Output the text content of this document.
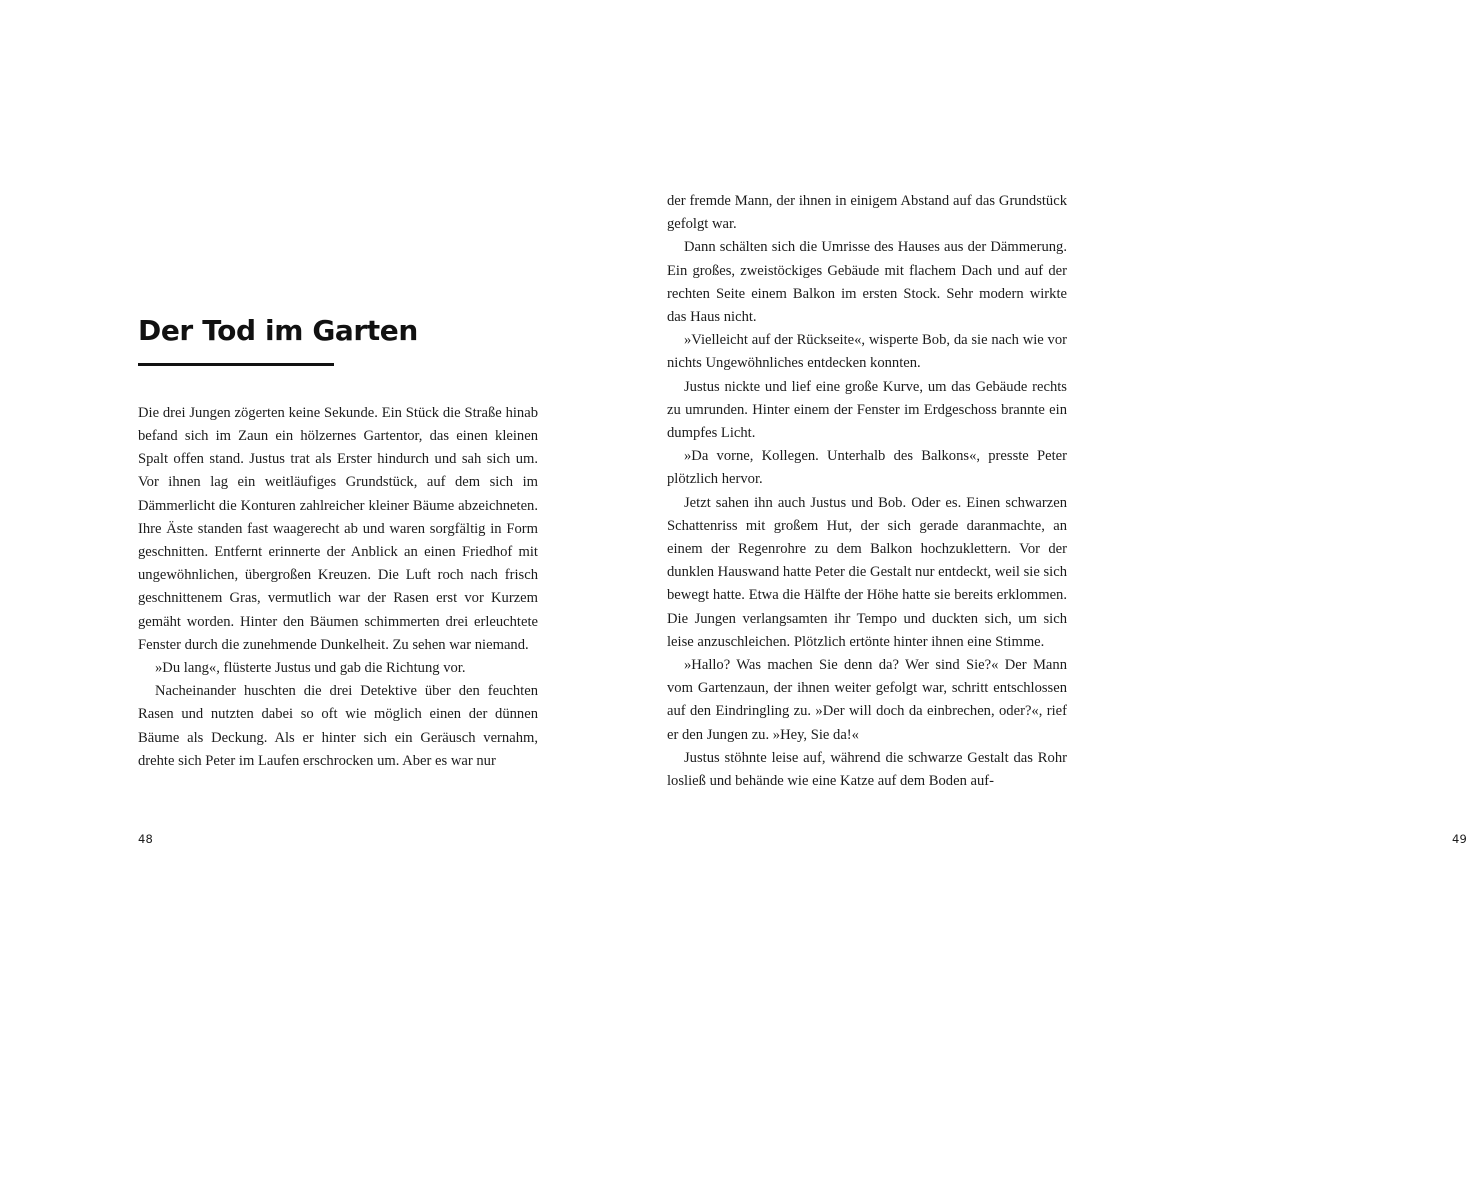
Der Tod im Garten

Die drei Jungen zögerten keine Sekunde. Ein Stück die Straße hinab befand sich im Zaun ein hölzernes Gartentor, das einen kleinen Spalt offen stand. Justus trat als Erster hindurch und sah sich um. Vor ihnen lag ein weitläufiges Grundstück, auf dem sich im Dämmerlicht die Konturen zahlreicher kleiner Bäume abzeichneten. Ihre Äste standen fast waagerecht ab und waren sorgfältig in Form geschnitten. Entfernt erinnerte der Anblick an einen Friedhof mit ungewöhnlichen, übergroßen Kreuzen. Die Luft roch nach frisch geschnittenem Gras, vermutlich war der Rasen erst vor Kurzem gemäht worden. Hinter den Bäumen schimmerten drei erleuchtete Fenster durch die zunehmende Dunkelheit. Zu sehen war niemand.

»Du lang«, flüsterte Justus und gab die Richtung vor.

Nacheinander huschten die drei Detektive über den feuchten Rasen und nutzten dabei so oft wie möglich einen der dünnen Bäume als Deckung. Als er hinter sich ein Geräusch vernahm, drehte sich Peter im Laufen erschrocken um. Aber es war nur

48

der fremde Mann, der ihnen in einigem Abstand auf das Grundstück gefolgt war.

Dann schälten sich die Umrisse des Hauses aus der Dämmerung. Ein großes, zweistöckiges Gebäude mit flachem Dach und auf der rechten Seite einem Balkon im ersten Stock. Sehr modern wirkte das Haus nicht.

»Vielleicht auf der Rückseite«, wisperte Bob, da sie nach wie vor nichts Ungewöhnliches entdecken konnten.

Justus nickte und lief eine große Kurve, um das Gebäude rechts zu umrunden. Hinter einem der Fenster im Erdgeschoss brannte ein dumpfes Licht.

»Da vorne, Kollegen. Unterhalb des Balkons«, presste Peter plötzlich hervor.

Jetzt sahen ihn auch Justus und Bob. Oder es. Einen schwarzen Schattenriss mit großem Hut, der sich gerade daranmachte, an einem der Regenrohre zu dem Balkon hochzuklettern. Vor der dunklen Hauswand hatte Peter die Gestalt nur entdeckt, weil sie sich bewegt hatte. Etwa die Hälfte der Höhe hatte sie bereits erklommen. Die Jungen verlangsamten ihr Tempo und duckten sich, um sich leise anzuschleichen. Plötzlich ertönte hinter ihnen eine Stimme.

»Hallo? Was machen Sie denn da? Wer sind Sie?« Der Mann vom Gartenzaun, der ihnen weiter gefolgt war, schritt entschlossen auf den Eindringling zu. »Der will doch da einbrechen, oder?«, rief er den Jungen zu. »Hey, Sie da!«

Justus stöhnte leise auf, während die schwarze Gestalt das Rohr losließ und behände wie eine Katze auf dem Boden auf-

49
